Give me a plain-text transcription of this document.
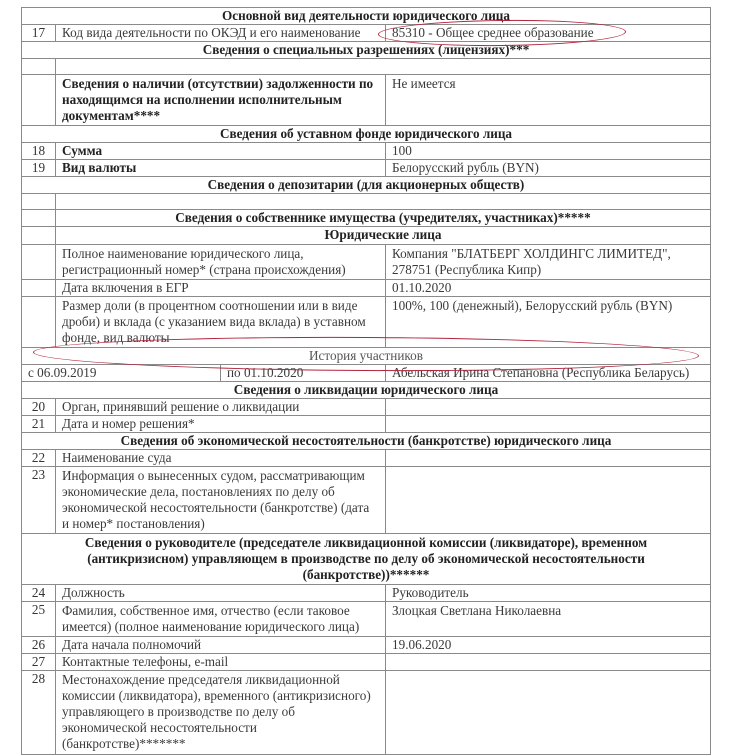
Основной вид деятельности юридического лица			
17	Код вида деятельности по ОКЭД и его наименование		85310 - Общее среднее образование
Сведения о специальных разрешениях (лицензиях)***			

	Сведения о наличии (отсутствии) задолженности по находящимся на исполнении исполнительным документам****		Не имеется
Сведения об уставном фонде юридического лица			
18	Сумма		100
19	Вид валюты		Белорусский рубль (BYN)
Сведения о депозитарии (для акционерных обществ)			

	Сведения о собственнике имущества (учредителях, участниках)*****		
	Юридические лица		
	Полное наименование юридического лица, регистрационный номер* (страна происхождения)		Компания "БЛАТБЕРГ ХОЛДИНГС ЛИМИТЕД", 278751 (Республика Кипр)
	Дата включения в ЕГР		01.10.2020
	Размер доли (в процентном соотношении или в виде дроби) и вклада (с указанием вида вклада) в уставном фонде, вид валюты		100%, 100 (денежный), Белорусский рубль (BYN)
История участников			
с 06.09.2019		по 01.10.2020	Абельская Ирина Степановна (Республика Беларусь)
Сведения о ликвидации юридического лица			
20	Орган, принявший решение о ликвидации		
21	Дата и номер решения*		
Сведения об экономической несостоятельности (банкротстве) юридического лица			
22	Наименование суда		
23	Информация о вынесенных судом, рассматривающим экономические дела, постановлениях по делу об экономической несостоятельности (банкротстве) (дата и номер* постановления)		
Сведения о руководителе (председателе ликвидационной комиссии (ликвидаторе), временном (антикризисном) управляющем в производстве по делу об экономической несостоятельности (банкротстве))******			
24	Должность		Руководитель
25	Фамилия, собственное имя, отчество (если таковое имеется) (полное наименование юридического лица)		Злоцкая Светлана Николаевна
26	Дата начала полномочий		19.06.2020
27	Контактные телефоны, e-mail		
28	Местонахождение председателя ликвидационной комиссии (ликвидатора), временного (антикризисного) управляющего в производстве по делу об экономической несостоятельности (банкротстве)*******		
